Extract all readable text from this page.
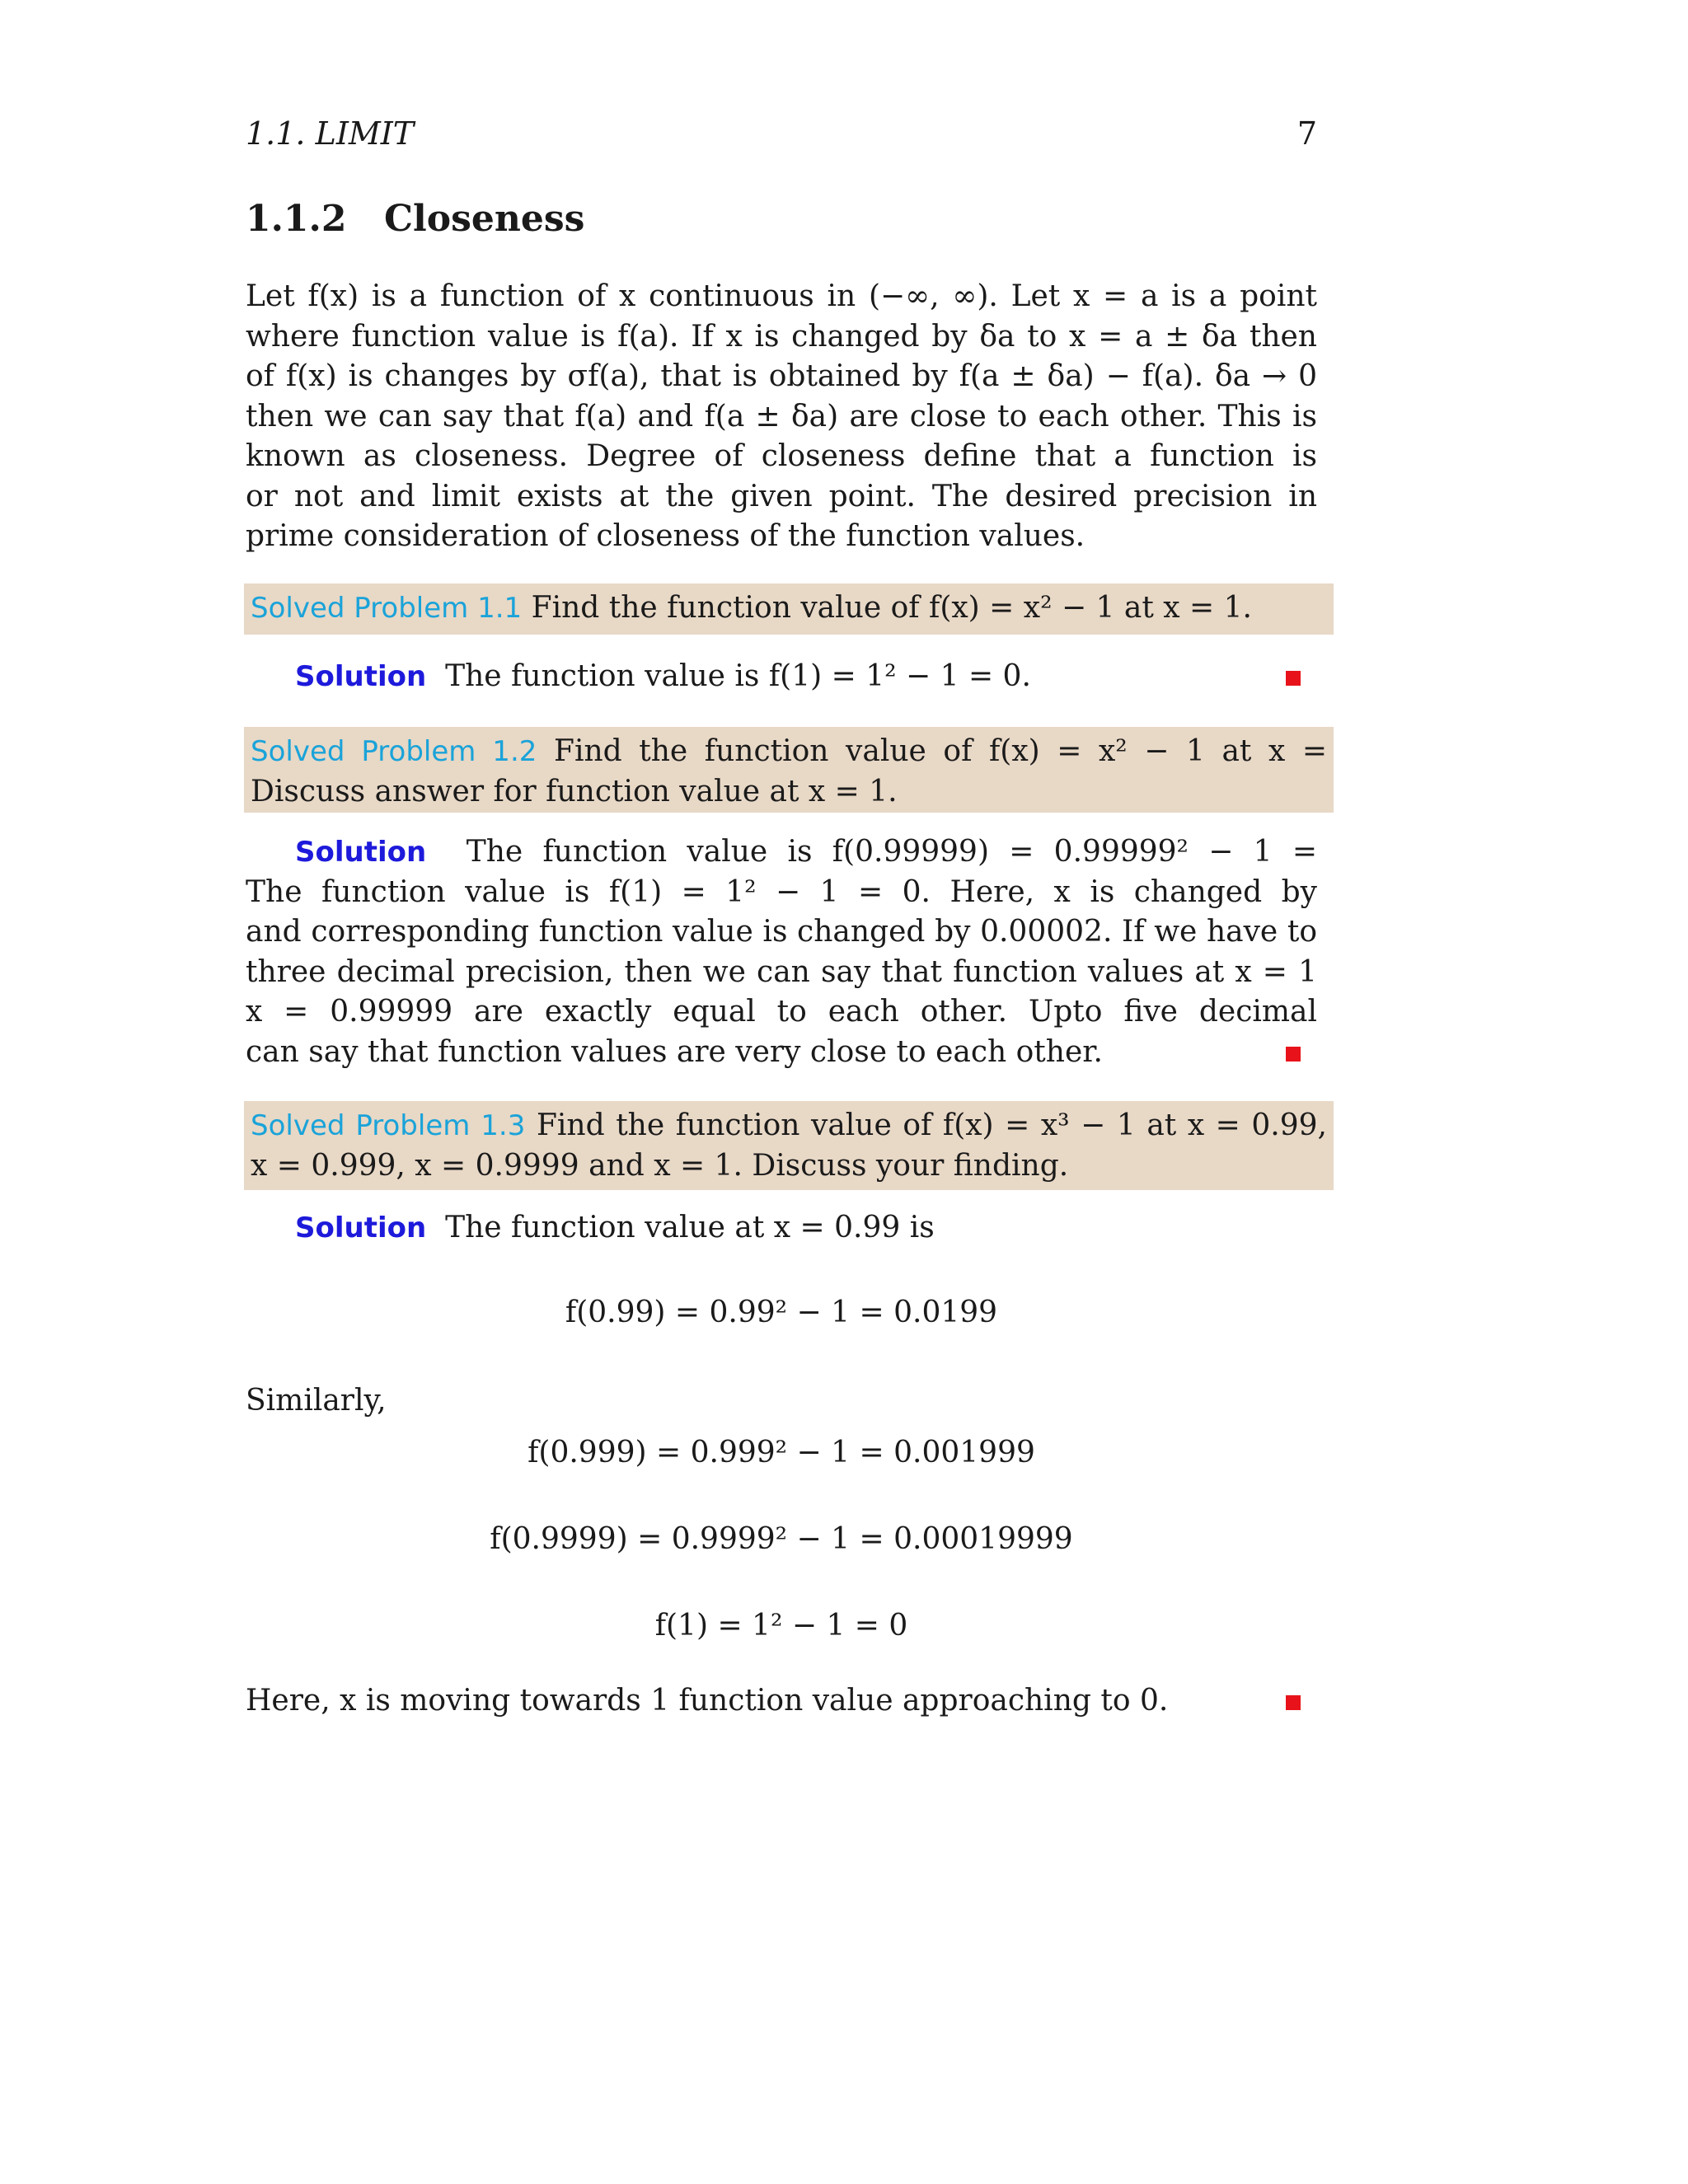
1.1. LIMIT	7
1.1.2 Closeness
Let f(x) is a function of x continuous in (−∞, ∞). Let x = a is a point
where function value is f(a). If x is changed by δa to x = a ± δa then
of f(x) is changes by σf(a), that is obtained by f(a ± δa) − f(a). δa → 0
then we can say that f(a) and f(a ± δa) are close to each other. This is
known as closeness. Degree of closeness define that a function is
or not and limit exists at the given point. The desired precision in
prime consideration of closeness of the function values.
Solved Problem 1.1 Find the function value of f(x) = x² − 1 at x = 1.
Solution The function value is f(1) = 1² − 1 = 0.
Solved Problem 1.2 Find the function value of f(x) = x² − 1 at x =
Discuss answer for function value at x = 1.
Solution The function value is f(0.99999) = 0.99999² − 1 =
The function value is f(1) = 1² − 1 = 0. Here, x is changed by
and corresponding function value is changed by 0.00002. If we have to
three decimal precision, then we can say that function values at x = 1
x = 0.99999 are exactly equal to each other. Upto five decimal
can say that function values are very close to each other.
Solved Problem 1.3 Find the function value of f(x) = x³ − 1 at x = 0.99,
x = 0.999, x = 0.9999 and x = 1. Discuss your finding.
Solution The function value at x = 0.99 is
f(0.99) = 0.99² − 1 = 0.0199
Similarly,
f(0.999) = 0.999² − 1 = 0.001999
f(0.9999) = 0.9999² − 1 = 0.00019999
f(1) = 1² − 1 = 0
Here, x is moving towards 1 function value approaching to 0.
